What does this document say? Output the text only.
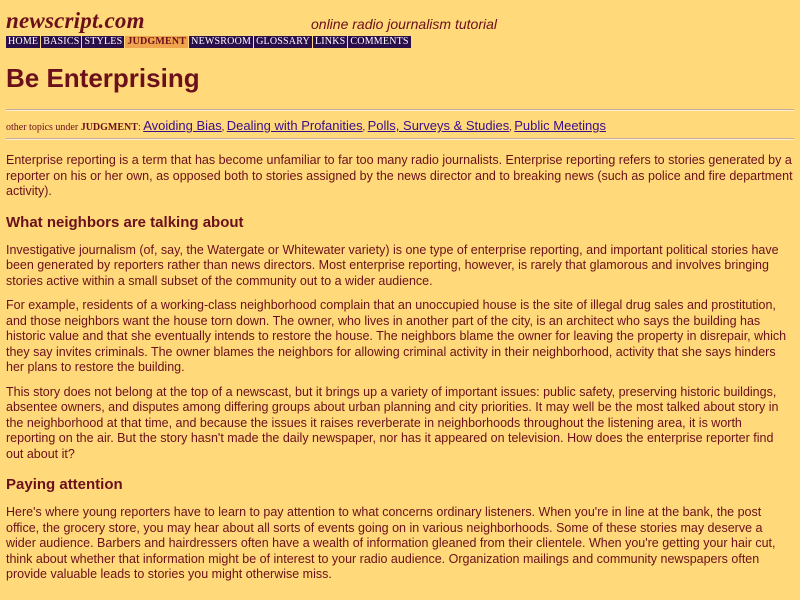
newscript.com	online radio journalism tutorial
HOME BASICS STYLES JUDGMENT NEWSROOM GLOSSARY LINKS COMMENTS
Be Enterprising
other topics under JUDGMENT: Avoiding Bias, Dealing with Profanities, Polls, Surveys & Studies, Public Meetings

Enterprise reporting is a term that has become unfamiliar to far too many radio journalists. Enterprise reporting refers to stories generated by a reporter on his or her own, as opposed both to stories assigned by the news director and to breaking news (such as police and fire department activity).

What neighbors are talking about

Investigative journalism (of, say, the Watergate or Whitewater variety) is one type of enterprise reporting, and important political stories have been generated by reporters rather than news directors. Most enterprise reporting, however, is rarely that glamorous and involves bringing stories active within a small subset of the community out to a wider audience.

For example, residents of a working-class neighborhood complain that an unoccupied house is the site of illegal drug sales and prostitution, and those neighbors want the house torn down. The owner, who lives in another part of the city, is an architect who says the building has historic value and that she eventually intends to restore the house. The neighbors blame the owner for leaving the property in disrepair, which they say invites criminals. The owner blames the neighbors for allowing criminal activity in their neighborhood, activity that she says hinders her plans to restore the building.

This story does not belong at the top of a newscast, but it brings up a variety of important issues: public safety, preserving historic buildings, absentee owners, and disputes among differing groups about urban planning and city priorities. It may well be the most talked about story in the neighborhood at that time, and because the issues it raises reverberate in neighborhoods throughout the listening area, it is worth reporting on the air. But the story hasn't made the daily newspaper, nor has it appeared on television. How does the enterprise reporter find out about it?

Paying attention

Here's where young reporters have to learn to pay attention to what concerns ordinary listeners. When you're in line at the bank, the post office, the grocery store, you may hear about all sorts of events going on in various neighborhoods. Some of these stories may deserve a wider audience. Barbers and hairdressers often have a wealth of information gleaned from their clientele. When you're getting your hair cut, think about whether that information might be of interest to your radio audience. Organization mailings and community newspapers often provide valuable leads to stories you might otherwise miss.
